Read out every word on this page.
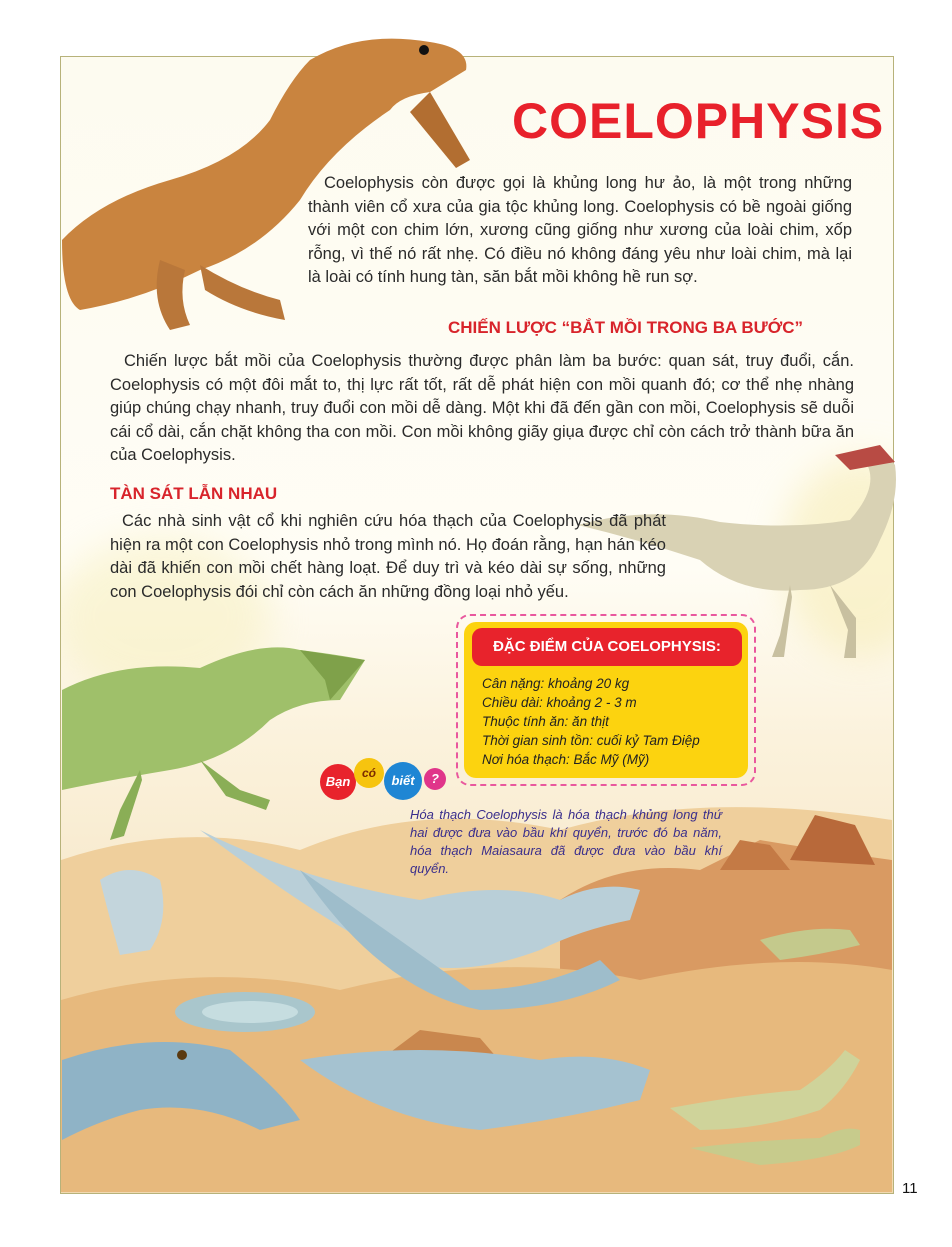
COELOPHYSIS

Coelophysis còn được gọi là khủng long hư ảo, là một trong những thành viên cổ xưa của gia tộc khủng long. Coelophysis có bề ngoài giống với một con chim lớn, xương cũng giống như xương của loài chim, xốp rỗng, vì thế nó rất nhẹ. Có điều nó không đáng yêu như loài chim, mà lại là loài có tính hung tàn, săn bắt mồi không hề run sợ.

CHIẾN LƯỢC “BẮT MỒI TRONG BA BƯỚC”

Chiến lược bắt mồi của Coelophysis thường được phân làm ba bước: quan sát, truy đuổi, cắn. Coelophysis có một đôi mắt to, thị lực rất tốt, rất dễ phát hiện con mồi quanh đó; cơ thể nhẹ nhàng giúp chúng chạy nhanh, truy đuổi con mồi dễ dàng. Một khi đã đến gần con mồi, Coelophysis sẽ duỗi cái cổ dài, cắn chặt không tha con mồi. Con mồi không giãy giụa được chỉ còn cách trở thành bữa ăn của Coelophysis.

TÀN SÁT LẪN NHAU

Các nhà sinh vật cổ khi nghiên cứu hóa thạch của Coelophysis đã phát hiện ra một con Coelophysis nhỏ trong mình nó. Họ đoán rằng, hạn hán kéo dài đã khiến con mồi chết hàng loạt. Để duy trì và kéo dài sự sống, những con Coelophysis đói chỉ còn cách ăn những đồng loại nhỏ yếu.

ĐẶC ĐIỂM CỦA COELOPHYSIS:
Cân nặng: khoảng 20 kg
Chiều dài: khoảng 2 - 3 m
Thuộc tính ăn: ăn thịt
Thời gian sinh tồn: cuối kỷ Tam Điệp
Nơi hóa thạch: Bắc Mỹ (Mỹ)
Bạn
có	biết	?

Hóa thạch Coelophysis là hóa thạch khủng long thứ hai được đưa vào bầu khí quyển, trước đó ba năm, hóa thạch Maiasaura đã được đưa vào bầu khí quyển.

11
